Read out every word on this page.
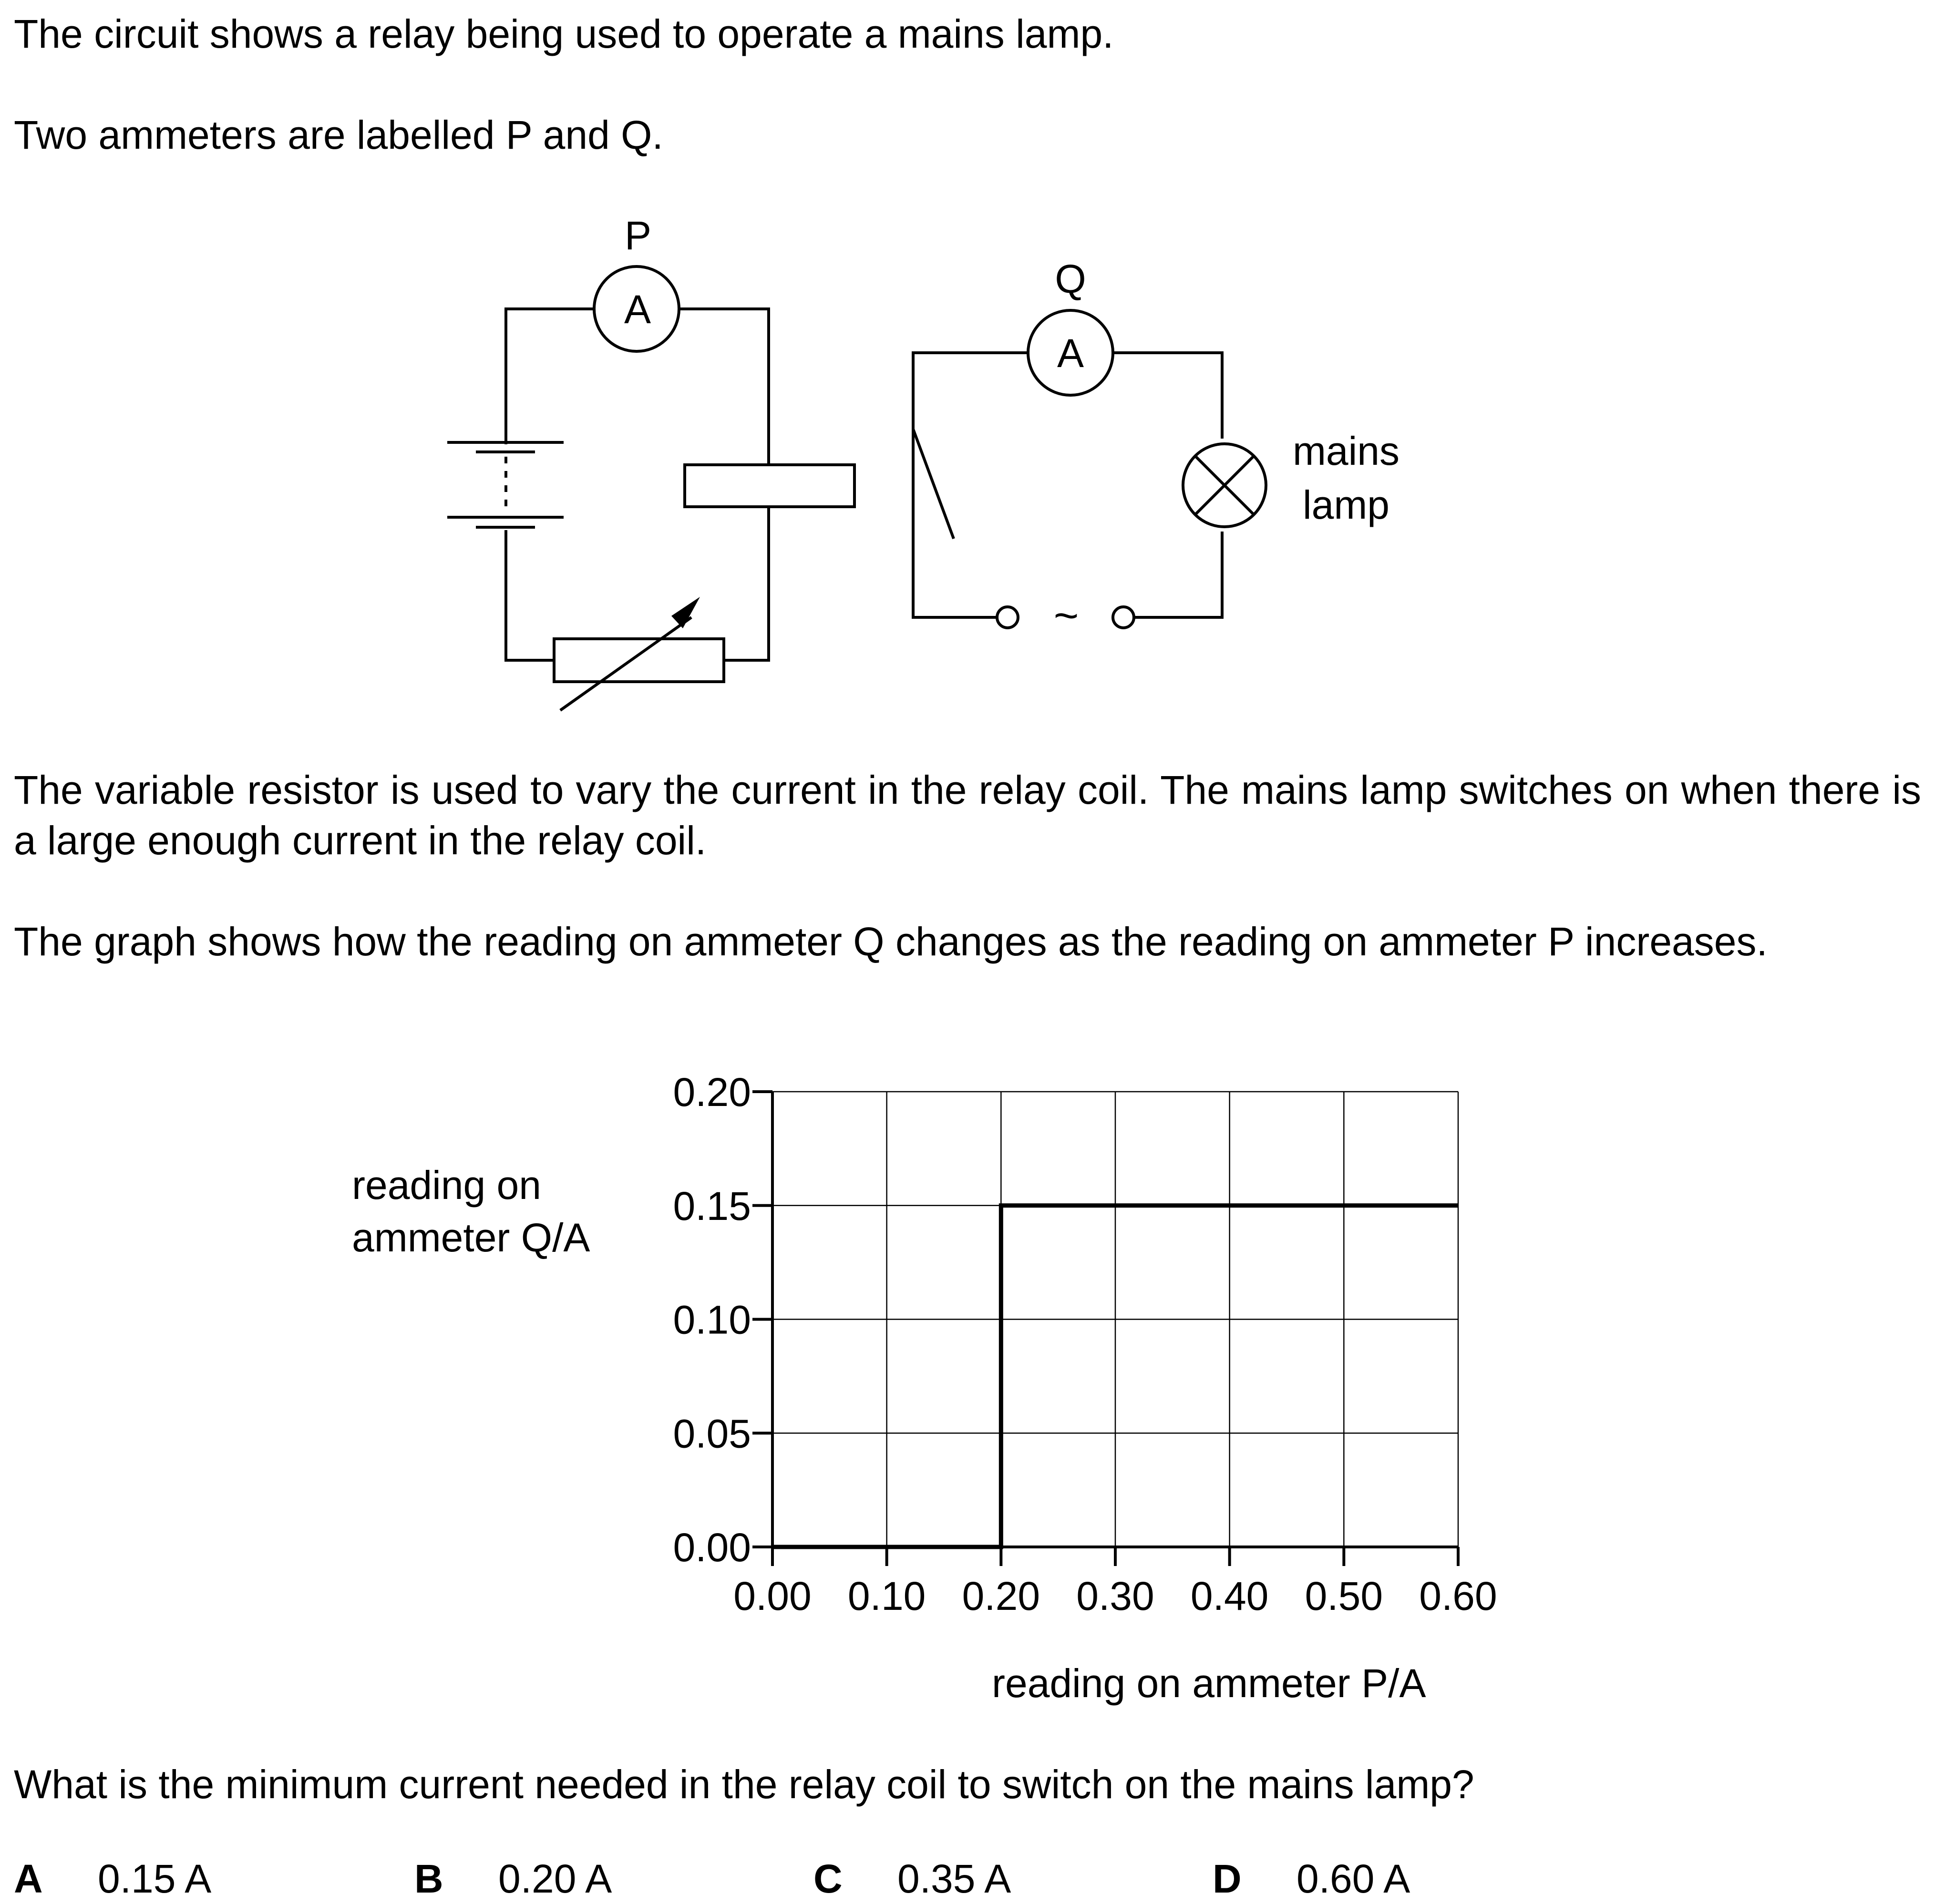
The circuit shows a relay being used to operate a mains lamp.

Two ammeters are labelled P and Q.

P
A
Q
A
~
mains
lamp

The variable resistor is used to vary the current in the relay coil. The mains lamp switches on when there is a large enough current in the relay coil.

The graph shows how the reading on ammeter Q changes as the reading on ammeter P increases.

0.00
0.05
0.10
0.15
0.20
0.00 0.10 0.20 0.30 0.40 0.50 0.60
reading on
ammeter Q/A
reading on ammeter P/A

What is the minimum current needed in the relay coil to switch on the mains lamp?

A 0.15 A	B 0.20 A	C 0.35 A	D 0.60 A
